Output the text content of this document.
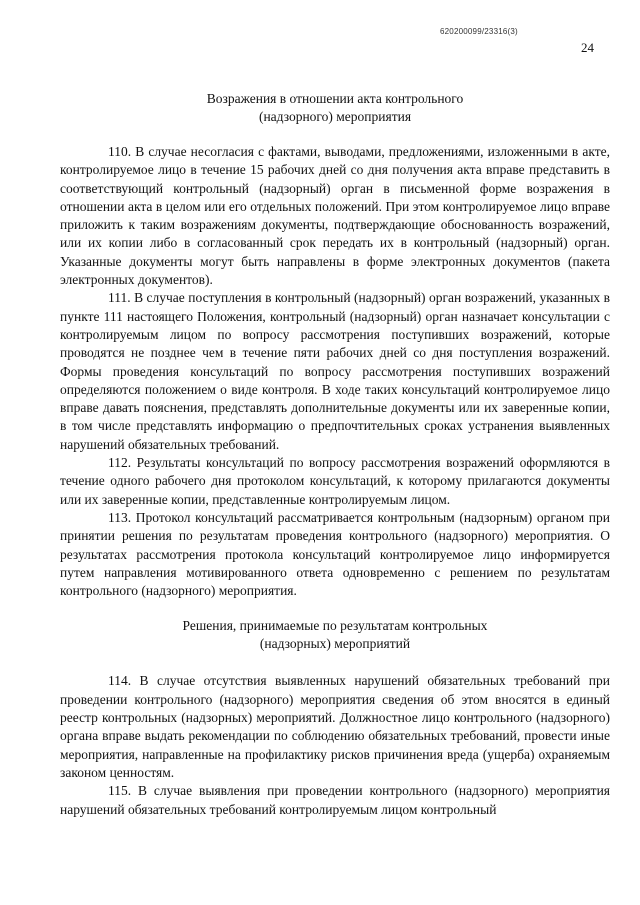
620200099/23316(3)
24
Возражения в отношении акта контрольного
(надзорного) мероприятия

110. В случае несогласия с фактами, выводами, предложениями, изложенными в акте, контролируемое лицо в течение 15 рабочих дней со дня получения акта вправе представить в соответствующий контрольный (надзорный) орган в письменной форме возражения в отношении акта в целом или его отдельных положений. При этом контролируемое лицо вправе приложить к таким возражениям документы, подтверждающие обоснованность возражений, или их копии либо в согласованный срок передать их в контрольный (надзорный) орган. Указанные документы могут быть направлены в форме электронных документов (пакета электронных документов).

111. В случае поступления в контрольный (надзорный) орган возражений, указанных в пункте 111 настоящего Положения, контрольный (надзорный) орган назначает консультации с контролируемым лицом по вопросу рассмотрения поступивших возражений, которые проводятся не позднее чем в течение пяти рабочих дней со дня поступления возражений. Формы проведения консультаций по вопросу рассмотрения поступивших возражений определяются положением о виде контроля. В ходе таких консультаций контролируемое лицо вправе давать пояснения, представлять дополнительные документы или их заверенные копии, в том числе представлять информацию о предпочтительных сроках устранения выявленных нарушений обязательных требований.

112. Результаты консультаций по вопросу рассмотрения возражений оформляются в течение одного рабочего дня протоколом консультаций, к которому прилагаются документы или их заверенные копии, представленные контролируемым лицом.

113. Протокол консультаций рассматривается контрольным (надзорным) органом при принятии решения по результатам проведения контрольного (надзорного) мероприятия. О результатах рассмотрения протокола консультаций контролируемое лицо информируется путем направления мотивированного ответа одновременно с решением по результатам контрольного (надзорного) мероприятия.

Решения, принимаемые по результатам контрольных
(надзорных) мероприятий

114. В случае отсутствия выявленных нарушений обязательных требований при проведении контрольного (надзорного) мероприятия сведения об этом вносятся в единый реестр контрольных (надзорных) мероприятий. Должностное лицо контрольного (надзорного) органа вправе выдать рекомендации по соблюдению обязательных требований, провести иные мероприятия, направленные на профилактику рисков причинения вреда (ущерба) охраняемым законом ценностям.

115. В случае выявления при проведении контрольного (надзорного) мероприятия нарушений обязательных требований контролируемым лицом контрольный
